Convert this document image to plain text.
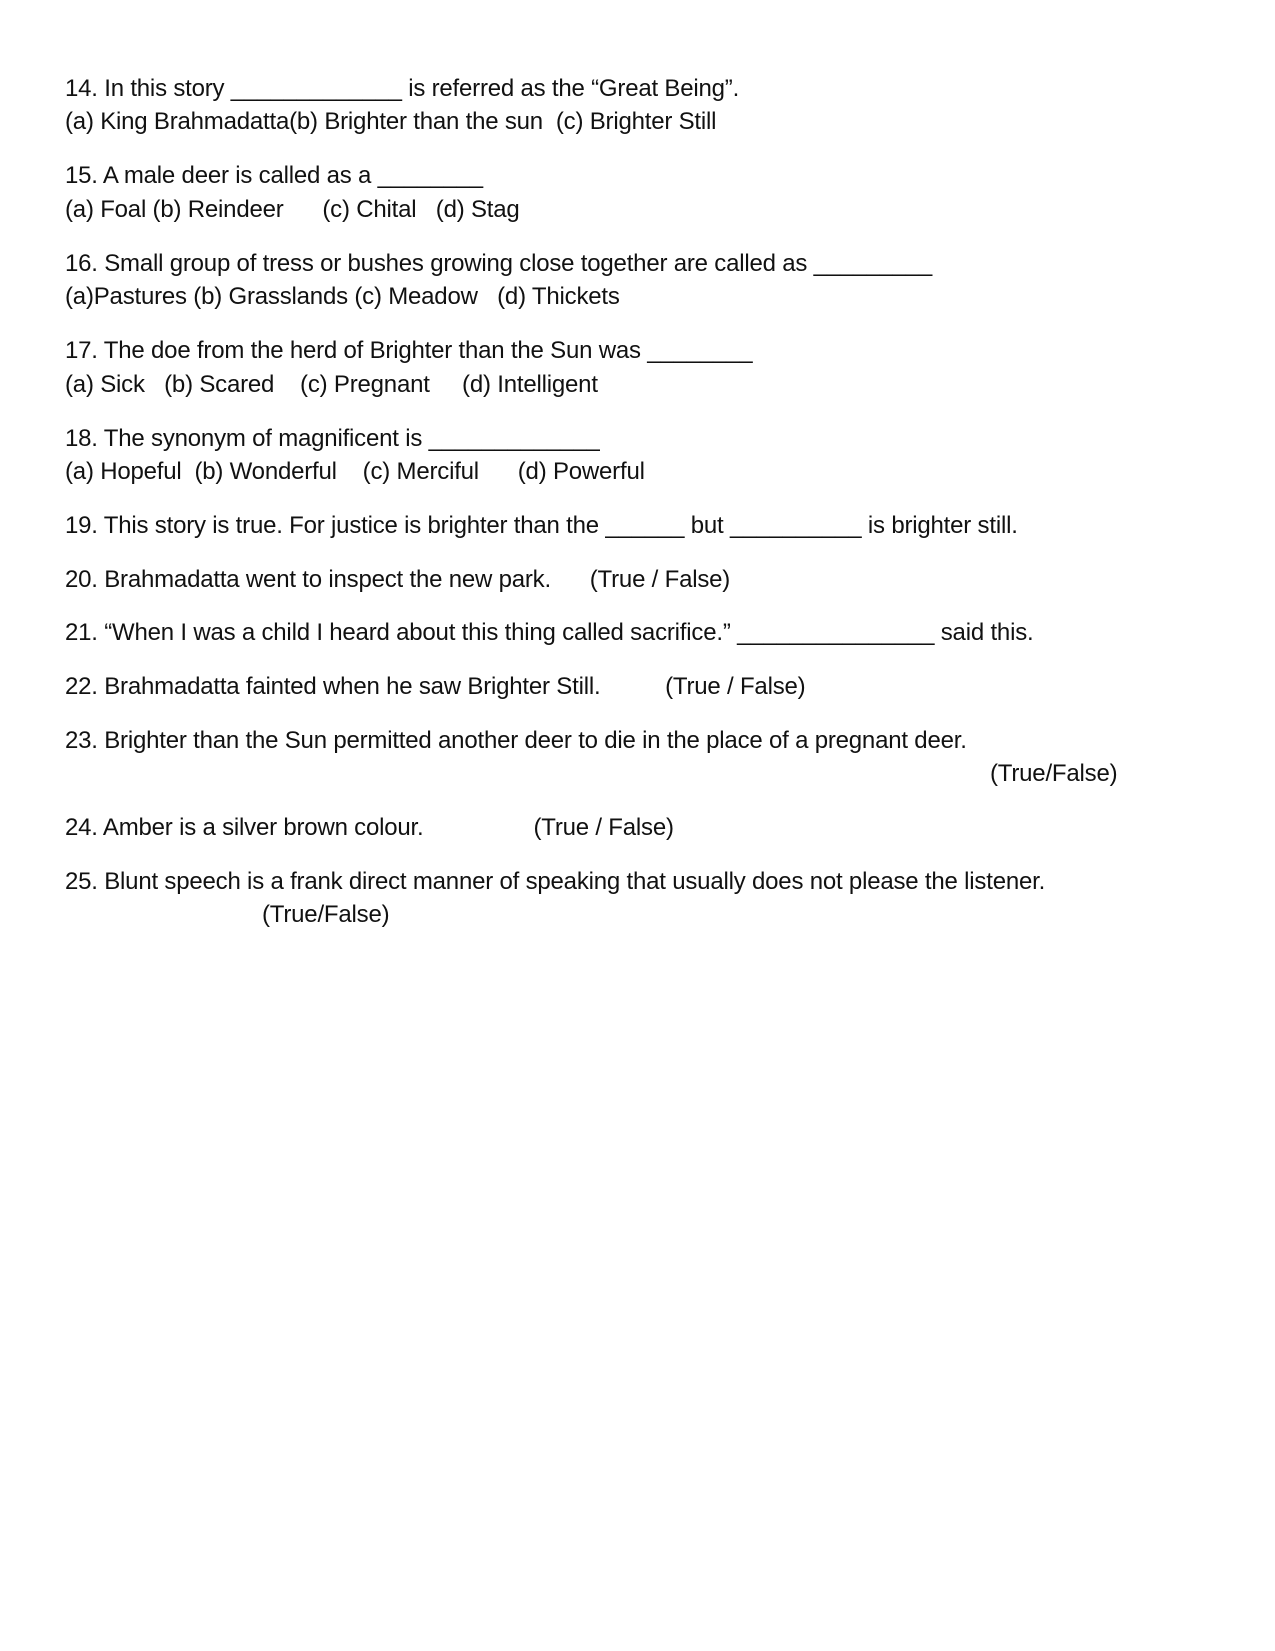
14. In this story _____________ is referred as the “Great Being”.
(a) King Brahmadatta(b) Brighter than the sun  (c) Brighter Still
15. A male deer is called as a ________
(a) Foal (b) Reindeer      (c) Chital   (d) Stag
16. Small group of tress or bushes growing close together are called as _________
(a)Pastures (b) Grasslands (c) Meadow   (d) Thickets
17. The doe from the herd of Brighter than the Sun was ________
(a) Sick   (b) Scared    (c) Pregnant     (d) Intelligent
18. The synonym of magnificent is _____________
(a) Hopeful  (b) Wonderful    (c) Merciful      (d) Powerful
19. This story is true. For justice is brighter than the ______ but __________ is brighter still.
20. Brahmadatta went to inspect the new park.      (True / False)
21. “When I was a child I heard about this thing called sacrifice.” _______________ said this.
22. Brahmadatta fainted when he saw Brighter Still.          (True / False)
23. Brighter than the Sun permitted another deer to die in the place of a pregnant deer.
(True/False)
24. Amber is a silver brown colour.                 (True / False)
25. Blunt speech is a frank direct manner of speaking that usually does not please the listener.
(True/False)
